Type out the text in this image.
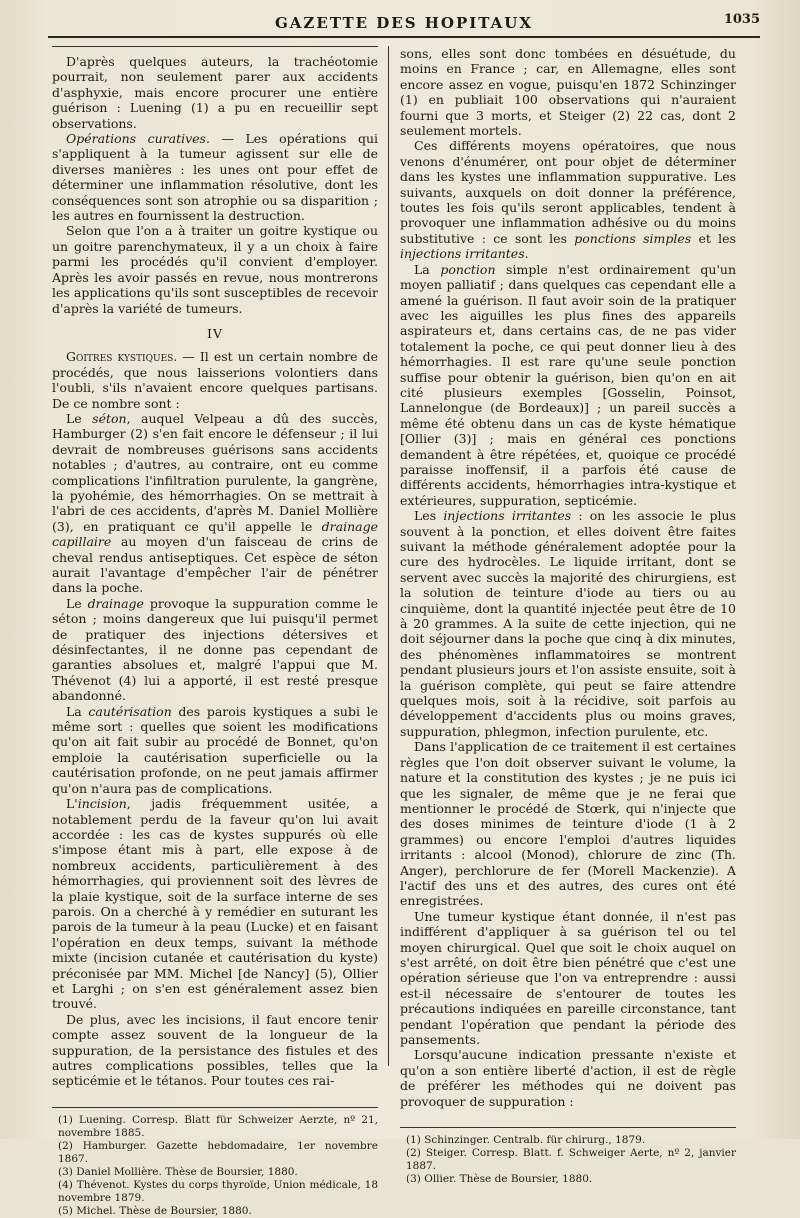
GAZETTE DES HOPITAUX	1035

D'après quelques auteurs, la trachéotomie pourrait, non seulement parer aux accidents d'asphyxie, mais encore procurer une entière guérison : Luening (1) a pu en recueillir sept observations.

Opérations curatives. — Les opérations qui s'appliquent à la tumeur agissent sur elle de diverses manières : les unes ont pour effet de déterminer une inflammation résolutive, dont les conséquences sont son atrophie ou sa disparition ; les autres en fournissent la destruction.

Selon que l'on a à traiter un goitre kystique ou un goitre parenchymateux, il y a un choix à faire parmi les procédés qu'il convient d'employer. Après les avoir passés en revue, nous montrerons les applications qu'ils sont susceptibles de recevoir d'après la variété de tumeurs.

IV

Goitres kystiques. — Il est un certain nombre de procédés, que nous laisserions volontiers dans l'oubli, s'ils n'avaient encore quelques partisans. De ce nombre sont :

Le séton, auquel Velpeau a dû des succès, Hamburger (2) s'en fait encore le défenseur ; il lui devrait de nombreuses guérisons sans accidents notables ; d'autres, au contraire, ont eu comme complications l'infiltration purulente, la gangrène, la pyohémie, des hémorrhagies. On se mettrait à l'abri de ces accidents, d'après M. Daniel Mollière (3), en pratiquant ce qu'il appelle le drainage capillaire au moyen d'un faisceau de crins de cheval rendus antiseptiques. Cet espèce de séton aurait l'avantage d'empêcher l'air de pénétrer dans la poche.

Le drainage provoque la suppuration comme le séton ; moins dangereux que lui puisqu'il permet de pratiquer des injections détersives et désinfectantes, il ne donne pas cependant de garanties absolues et, malgré l'appui que M. Thévenot (4) lui a apporté, il est resté presque abandonné.

La cautérisation des parois kystiques a subi le même sort : quelles que soient les modifications qu'on ait fait subir au procédé de Bonnet, qu'on emploie la cautérisation superficielle ou la cautérisation profonde, on ne peut jamais affirmer qu'on n'aura pas de complications.

L'incision, jadis fréquemment usitée, a notablement perdu de la faveur qu'on lui avait accordée : les cas de kystes suppurés où elle s'impose étant mis à part, elle expose à de nombreux accidents, particulièrement à des hémorrhagies, qui proviennent soit des lèvres de la plaie kystique, soit de la surface interne de ses parois. On a cherché à y remédier en suturant les parois de la tumeur à la peau (Lucke) et en faisant l'opération en deux temps, suivant la méthode mixte (incision cutanée et cautérisation du kyste) préconisée par MM. Michel [de Nancy] (5), Ollier et Larghi ; on s'en est généralement assez bien trouvé.

De plus, avec les incisions, il faut encore tenir compte assez souvent de la longueur de la suppuration, de la persistance des fistules et des autres complications possibles, telles que la septicémie et le tétanos. Pour toutes ces rai-

(1) Luening. Corresp. Blatt für Schweizer Aerzte, nº 21, novembre 1885.
(2) Hamburger. Gazette hebdomadaire, 1er novembre 1867.
(3) Daniel Mollière. Thèse de Boursier, 1880.
(4) Thévenot. Kystes du corps thyroïde, Union médicale, 18 novembre 1879.
(5) Michel. Thèse de Boursier, 1880.

sons, elles sont donc tombées en désuétude, du moins en France ; car, en Allemagne, elles sont encore assez en vogue, puisqu'en 1872 Schinzinger (1) en publiait 100 observations qui n'auraient fourni que 3 morts, et Steiger (2) 22 cas, dont 2 seulement mortels.

Ces différents moyens opératoires, que nous venons d'énumérer, ont pour objet de déterminer dans les kystes une inflammation suppurative. Les suivants, auxquels on doit donner la préférence, toutes les fois qu'ils seront applicables, tendent à provoquer une inflammation adhésive ou du moins substitutive : ce sont les ponctions simples et les injections irritantes.

La ponction simple n'est ordinairement qu'un moyen palliatif ; dans quelques cas cependant elle a amené la guérison. Il faut avoir soin de la pratiquer avec les aiguilles les plus fines des appareils aspirateurs et, dans certains cas, de ne pas vider totalement la poche, ce qui peut donner lieu à des hémorrhagies. Il est rare qu'une seule ponction suffise pour obtenir la guérison, bien qu'on en ait cité plusieurs exemples [Gosselin, Poinsot, Lannelongue (de Bordeaux)] ; un pareil succès a même été obtenu dans un cas de kyste hématique [Ollier (3)] ; mais en général ces ponctions demandent à être répétées, et, quoique ce procédé paraisse inoffensif, il a parfois été cause de différents accidents, hémorrhagies intra-kystique et extérieures, suppuration, septicémie.

Les injections irritantes : on les associe le plus souvent à la ponction, et elles doivent être faites suivant la méthode généralement adoptée pour la cure des hydrocèles. Le liquide irritant, dont se servent avec succès la majorité des chirurgiens, est la solution de teinture d'iode au tiers ou au cinquième, dont la quantité injectée peut être de 10 à 20 grammes. A la suite de cette injection, qui ne doit séjourner dans la poche que cinq à dix minutes, des phénomènes inflammatoires se montrent pendant plusieurs jours et l'on assiste ensuite, soit à la guérison complète, qui peut se faire attendre quelques mois, soit à la récidive, soit parfois au développement d'accidents plus ou moins graves, suppuration, phlegmon, infection purulente, etc.

Dans l'application de ce traitement il est certaines règles que l'on doit observer suivant le volume, la nature et la constitution des kystes ; je ne puis ici que les signaler, de même que je ne ferai que mentionner le procédé de Stœrk, qui n'injecte que des doses minimes de teinture d'iode (1 à 2 grammes) ou encore l'emploi d'autres liquides irritants : alcool (Monod), chlorure de zinc (Th. Anger), perchlorure de fer (Morell Mackenzie). A l'actif des uns et des autres, des cures ont été enregistrées.

Une tumeur kystique étant donnée, il n'est pas indifférent d'appliquer à sa guérison tel ou tel moyen chirurgical. Quel que soit le choix auquel on s'est arrêté, on doit être bien pénétré que c'est une opération sérieuse que l'on va entreprendre : aussi est-il nécessaire de s'entourer de toutes les précautions indiquées en pareille circonstance, tant pendant l'opération que pendant la période des pansements.

Lorsqu'aucune indication pressante n'existe et qu'on a son entière liberté d'action, il est de règle de préférer les méthodes qui ne doivent pas provoquer de suppuration :

(1) Schinzinger. Centralb. für chirurg., 1879.
(2) Steiger. Corresp. Blatt. f. Schweiger Aerte, nº 2, janvier 1887.
(3) Ollier. Thèse de Boursier, 1880.
